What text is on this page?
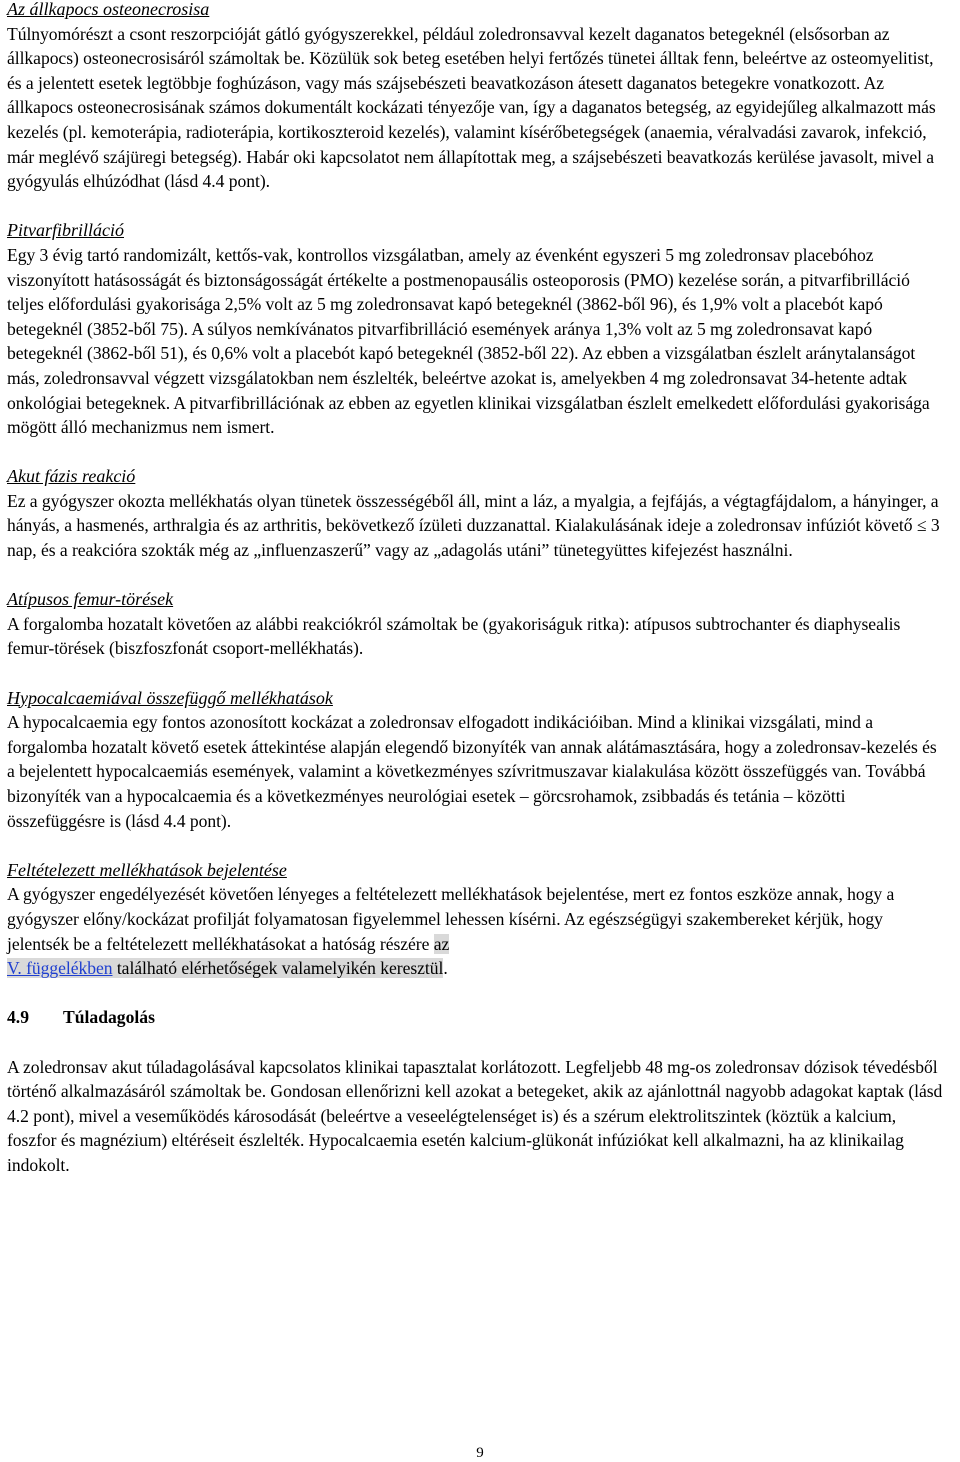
Az állkapocs osteonecrosisa

Túlnyomórészt a csont reszorpcióját gátló gyógyszerekkel, például zoledronsavval kezelt daganatos betegeknél (elsősorban az állkapocs) osteonecrosisáról számoltak be. Közülük sok beteg esetében helyi fertőzés tünetei álltak fenn, beleértve az osteomyelitist, és a jelentett esetek legtöbbje foghúzáson, vagy más szájsebészeti beavatkozáson átesett daganatos betegekre vonatkozott. Az állkapocs osteonecrosisának számos dokumentált kockázati tényezője van, így a daganatos betegség, az egyidejűleg alkalmazott más kezelés (pl. kemoterápia, radioterápia, kortikoszteroid kezelés), valamint kísérőbetegségek (anaemia, véralvadási zavarok, infekció, már meglévő szájüregi betegség). Habár oki kapcsolatot nem állapítottak meg, a szájsebészeti beavatkozás kerülése javasolt, mivel a gyógyulás elhúzódhat (lásd 4.4 pont).

Pitvarfibrilláció

Egy 3 évig tartó randomizált, kettős-vak, kontrollos vizsgálatban, amely az évenként egyszeri 5 mg zoledronsav placebóhoz viszonyított hatásosságát és biztonságosságát értékelte a postmenopausális osteoporosis (PMO) kezelése során, a pitvarfibrilláció teljes előfordulási gyakorisága 2,5% volt az 5 mg zoledronsavat kapó betegeknél (3862-ből 96), és 1,9% volt a placebót kapó betegeknél (3852-ből 75). A súlyos nemkívánatos pitvarfibrilláció események aránya 1,3% volt az 5 mg zoledronsavat kapó betegeknél (3862-ből 51), és 0,6% volt a placebót kapó betegeknél (3852-ből 22). Az ebben a vizsgálatban észlelt aránytalanságot más, zoledronsavval végzett vizsgálatokban nem észlelték, beleértve azokat is, amelyekben 4 mg zoledronsavat 34-hetente adtak onkológiai betegeknek. A pitvarfibrillációnak az ebben az egyetlen klinikai vizsgálatban észlelt emelkedett előfordulási gyakorisága mögött álló mechanizmus nem ismert.

Akut fázis reakció

Ez a gyógyszer okozta mellékhatás olyan tünetek összességéből áll, mint a láz, a myalgia, a fejfájás, a végtagfájdalom, a hányinger, a hányás, a hasmenés, arthralgia és az arthritis, bekövetkező ízületi duzzanattal. Kialakulásának ideje a zoledronsav infúziót követő ≤ 3 nap, és a reakcióra szokták még az „influenzaszerű” vagy az „adagolás utáni” tünetegyüttes kifejezést használni.

Atípusos femur-törések

A forgalomba hozatalt követően az alábbi reakciókról számoltak be (gyakoriságuk ritka): atípusos subtrochanter és diaphysealis femur-törések (biszfoszfonát csoport-mellékhatás).

Hypocalcaemiával összefüggő mellékhatások

A hypocalcaemia egy fontos azonosított kockázat a zoledronsav elfogadott indikációiban. Mind a klinikai vizsgálati, mind a forgalomba hozatalt követő esetek áttekintése alapján elegendő bizonyíték van annak alátámasztására, hogy a zoledronsav-kezelés és a bejelentett hypocalcaemiás események, valamint a következményes szívritmuszavar kialakulása között összefüggés van. Továbbá bizonyíték van a hypocalcaemia és a következményes neurológiai esetek – görcsrohamok, zsibbadás és tetánia – közötti összefüggésre is (lásd 4.4 pont).

Feltételezett mellékhatások bejelentése

A gyógyszer engedélyezését követően lényeges a feltételezett mellékhatások bejelentése, mert ez fontos eszköze annak, hogy a gyógyszer előny/kockázat profilját folyamatosan figyelemmel lehessen kísérni. Az egészségügyi szakembereket kérjük, hogy jelentsék be a feltételezett mellékhatásokat a hatóság részére az
V. függelékben található elérhetőségek valamelyikén keresztül.

4.9	Túladagolás

A zoledronsav akut túladagolásával kapcsolatos klinikai tapasztalat korlátozott. Legfeljebb 48 mg-os zoledronsav dózisok tévedésből történő alkalmazásáról számoltak be. Gondosan ellenőrizni kell azokat a betegeket, akik az ajánlottnál nagyobb adagokat kaptak (lásd 4.2 pont), mivel a veseműködés károsodását (beleértve a veseelégtelenséget is) és a szérum elektrolitszintek (köztük a kalcium, foszfor és magnézium) eltéréseit észlelték. Hypocalcaemia esetén kalcium-glükonát infúziókat kell alkalmazni, ha az klinikailag indokolt.

9
